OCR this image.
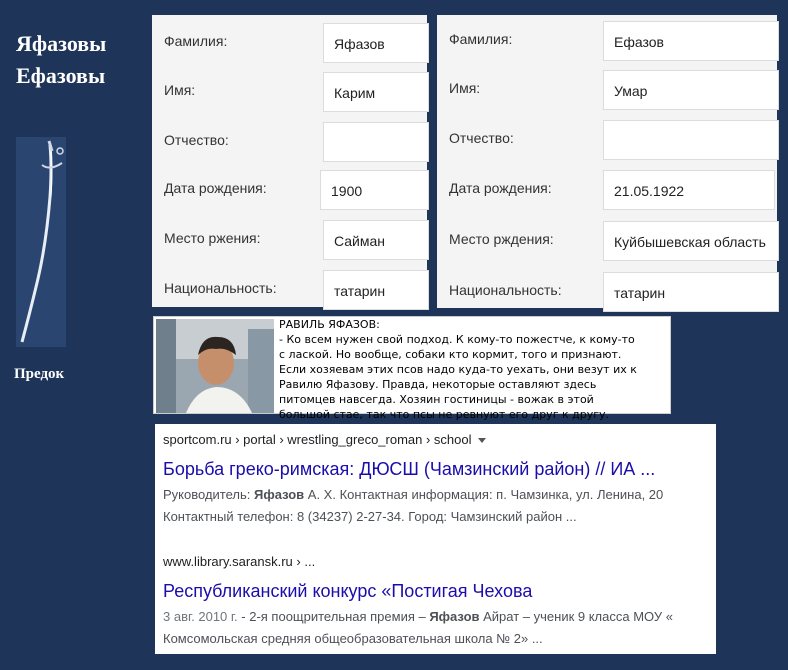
Яфазовы
Ефазовы
Предок
Фамилия:	Яфазов
Имя:	Карим
Отчество:
Дата рождения:	1900
Место ржения:	Сайман
Национальность:	татарин
Фамилия:	Ефазов
Имя:	Умар
Отчество:
Дата рождения:	21.05.1922
Место рждения:	Куйбышевская область
Национальность:	татарин
РАВИЛЬ ЯФАЗОВ:
- Ко всем нужен свой подход. К кому-то пожестче, к кому-то
с лаской. Но вообще, собаки кто кормит, того и признают.
Если хозяевам этих псов надо куда-то уехать, они везут их к
Равилю Яфазову. Правда, некоторые оставляют здесь
питомцев навсегда. Хозяин гостиницы - вожак в этой
большой стае, так что псы не ревнуют его друг к другу.
sportcom.ru › portal › wrestling_greco_roman › school
Борьба греко-римская: ДЮСШ (Чамзинский район) // ИА ...
Руководитель: Яфазов А. Х. Контактная информация: п. Чамзинка, ул. Ленина, 20
Контактный телефон: 8 (34237) 2-27-34. Город: Чамзинский район ...
www.library.saransk.ru › ...
Республиканский конкурс «Постигая Чехова
3 авг. 2010 г. - 2-я поощрительная премия – Яфазов Айрат – ученик 9 класса МОУ «
Комсомольская средняя общеобразовательная школа № 2» ...
